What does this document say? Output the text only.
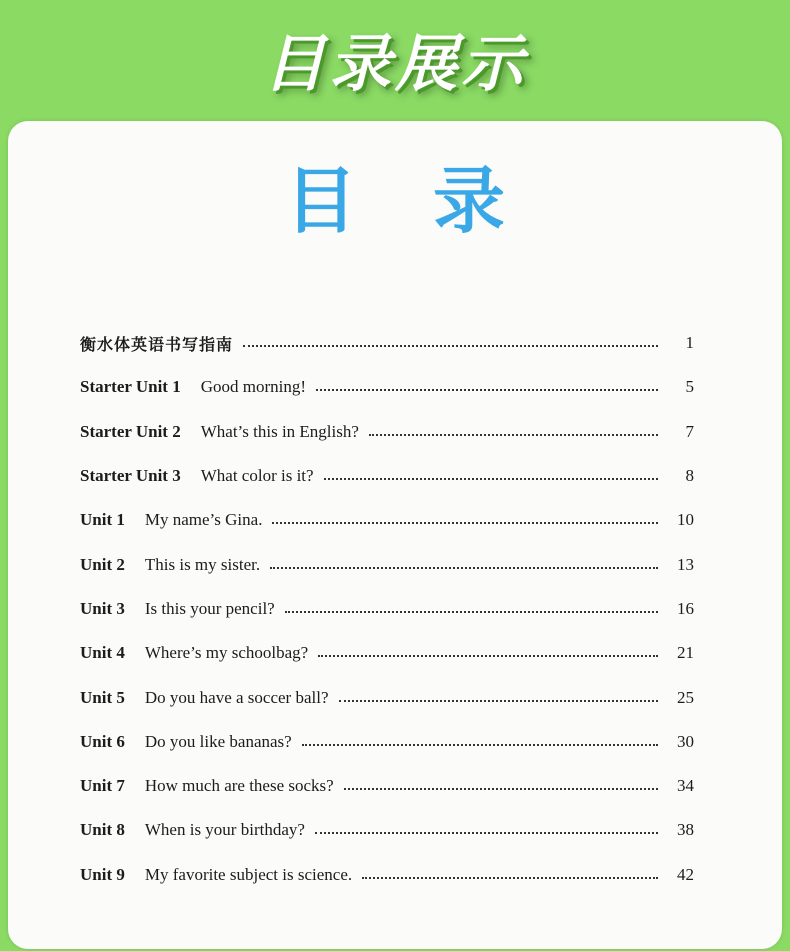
目录展示
目录
衡水体英语书写指南	1
Starter Unit 1 Good morning!	5
Starter Unit 2 What’s this in English?	7
Starter Unit 3 What color is it?	8
Unit 1 My name’s Gina.	10
Unit 2 This is my sister.	13
Unit 3 Is this your pencil?	16
Unit 4 Where’s my schoolbag?	21
Unit 5 Do you have a soccer ball?	25
Unit 6 Do you like bananas?	30
Unit 7 How much are these socks?	34
Unit 8 When is your birthday?	38
Unit 9 My favorite subject is science.	42
